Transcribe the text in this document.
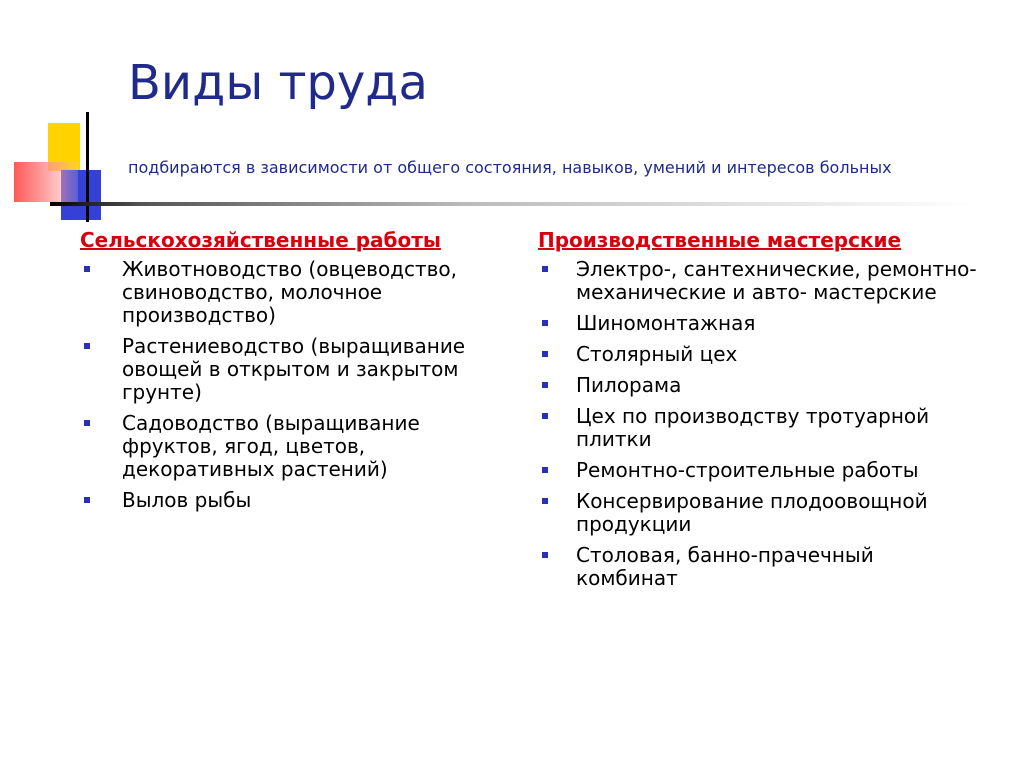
Виды труда
подбираются в зависимости от общего состояния, навыков, умений и интересов больных
Сельскохозяйственные работы
Животноводство (овцеводство, свиноводство, молочное производство)
Растениеводство (выращивание овощей в открытом и закрытом грунте)
Садоводство (выращивание фруктов, ягод, цветов, декоративных растений)
Вылов рыбы
Производственные мастерские
Электро-, сантехнические, ремонтно-механические и авто- мастерские
Шиномонтажная
Столярный цех
Пилорама
Цех по производству тротуарной плитки
Ремонтно-строительные работы
Консервирование плодоовощной продукции
Столовая, банно-прачечный комбинат
